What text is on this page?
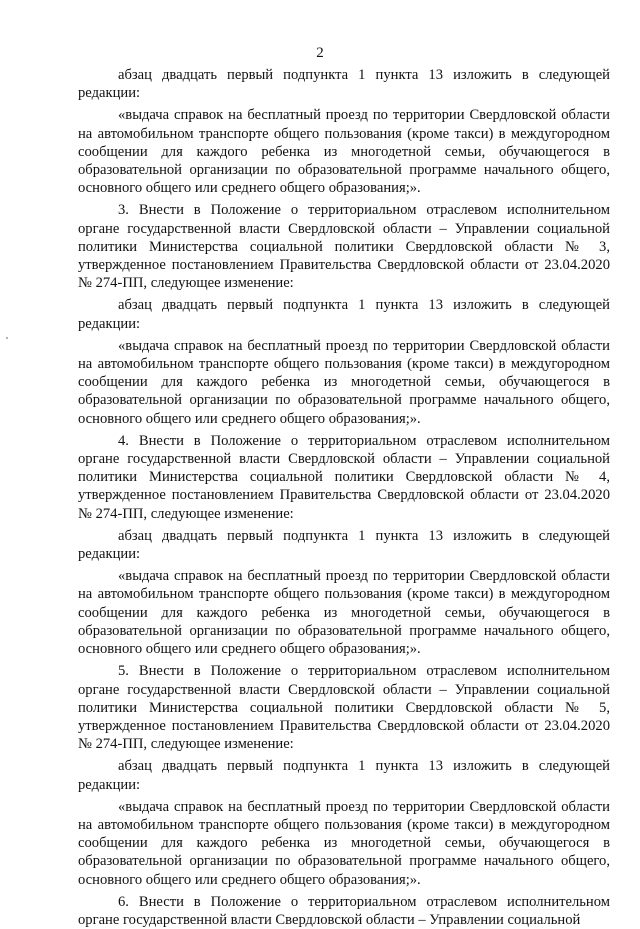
2

абзац двадцать первый подпункта 1 пункта 13 изложить в следующей редакции:

«выдача справок на бесплатный проезд по территории Свердловской области на автомобильном транспорте общего пользования (кроме такси) в междугородном сообщении для каждого ребенка из многодетной семьи, обучающегося в образовательной организации по образовательной программе начального общего, основного общего или среднего общего образования;».

3. Внести в Положение о территориальном отраслевом исполнительном органе государственной власти Свердловской области – Управлении социальной политики Министерства социальной политики Свердловской области № 3, утвержденное постановлением Правительства Свердловской области от 23.04.2020 № 274-ПП, следующее изменение:

абзац двадцать первый подпункта 1 пункта 13 изложить в следующей редакции:

«выдача справок на бесплатный проезд по территории Свердловской области на автомобильном транспорте общего пользования (кроме такси) в междугородном сообщении для каждого ребенка из многодетной семьи, обучающегося в образовательной организации по образовательной программе начального общего, основного общего или среднего общего образования;».

4. Внести в Положение о территориальном отраслевом исполнительном органе государственной власти Свердловской области – Управлении социальной политики Министерства социальной политики Свердловской области № 4, утвержденное постановлением Правительства Свердловской области от 23.04.2020 № 274-ПП, следующее изменение:

абзац двадцать первый подпункта 1 пункта 13 изложить в следующей редакции:

«выдача справок на бесплатный проезд по территории Свердловской области на автомобильном транспорте общего пользования (кроме такси) в междугородном сообщении для каждого ребенка из многодетной семьи, обучающегося в образовательной организации по образовательной программе начального общего, основного общего или среднего общего образования;».

5. Внести в Положение о территориальном отраслевом исполнительном органе государственной власти Свердловской области – Управлении социальной политики Министерства социальной политики Свердловской области № 5, утвержденное постановлением Правительства Свердловской области от 23.04.2020 № 274-ПП, следующее изменение:

абзац двадцать первый подпункта 1 пункта 13 изложить в следующей редакции:

«выдача справок на бесплатный проезд по территории Свердловской области на автомобильном транспорте общего пользования (кроме такси) в междугородном сообщении для каждого ребенка из многодетной семьи, обучающегося в образовательной организации по образовательной программе начального общего, основного общего или среднего общего образования;».

6. Внести в Положение о территориальном отраслевом исполнительном органе государственной власти Свердловской области – Управлении социальной
